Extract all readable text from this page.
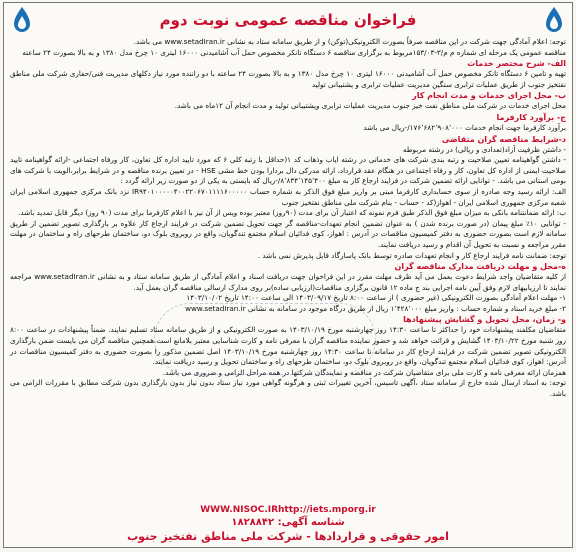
فراخوان مناقصه عمومی نوبت دوم

توجه: اعلام آمادگی جهت شرکت در این مناقصه صرفاً بصورت الکترونیکی(توکن) و از طریق سامانه ستاد به نشانی www.setadIran.ir می باشد.

مناقصه عمومی یک مرحله ای شماره م م/۳-۱۵۳/۰۳مربوط به برگزاری مناقصه ۶ دستگاه تانکر مخصوص حمل آب آشامیدنی ۱۶۰۰۰ لیتری ۱۰ چرخ مدل ۱۳۸۰ و به بالا بصورت ۲۴ ساعته

الف- شرح مختصر خدمات

تهیه و تامین ۶ دستگاه تانکر مخصوص حمل آب آشامیدنی ۱۶۰۰۰ لیتری ۱۰ چرخ مدل ۱۳۸۰ و به بالا بصورت ۲۴ ساعته با دو راننده مورد نیاز دکلهای مدیریت فنی/حفاری شرکت ملی مناطق نفتخیز جنوب از طریق عملیات ترابری ستگین مدیریت عملیات ترابری و پشتیبانی تولید

ب- محل اجرای خدمات و مدت انجام کار

محل اجرای خدمات در شرکت ملی مناطق نفت خیز جنوب مدیریت عملیات ترابری وپشتیبانی تولید و مدت انجام آن ۱۲ماه می باشد.

ج- برآورد کارفرما

برآورد کارفرما جهت انجام خدمات ۱۷۶٬۶۸۲٬۹۰۸٬۰۰۰/-ریال می باشد

د-شرایط مناقصه گران متقاضی

- داشتن ظرفیت آزاد(تعدادی و ریالی) در رشته مربوطه

- داشتن گواهینامه تعیین صلاحیت و رتبه بندی شرکت های خدماتی در رشته ایاب وذهاب کد ۱(حداقل با رتبه کلی ۶ که مورد تایید اداره کل تعاون، کار ورفاه اجتماعی -ارائه گواهینامه تایید صلاحیت ایمنی از اداره کل تعاون، کار و رفاه اجتماعی در هنگام عقد قرارداد، ارائه مدرکی دال بردارا بودن خط مشی HSE - در تعیین برنده مناقصه و در شرایط برابر،الویت با شرکت های بومی استانی می باشد. - توانایی ارائه تضمین شرکت در فرایند ارجاع کار به مبلغ ۸٬۸۳۴٬۱۴۵٬۴۰۰/-ریال که بایستی به یکی از دو صورت زیر ارائه گردد :

الف: ارائه رسید وجه صادره از سوی حسابداری کارفرما مبنی بر واریز مبلغ فوق الذکر به شماره حساب IR۹۴۰۱۰۰۰۰۰۴۰۰۲۲۰۶۷۰۱۱۱۱۶۰۰۰۰۰ نزد بانک مرکزی جمهوری اسلامی ایران شعبه مرکزی جمهوری اسلامی ایران - اهواز(کد - حساب - بنام شرکت ملی مناطق نفتخیز جنوب

ب: ارائه ضمانتنامه بانکی به میزان مبلغ فوق الذکر طبق فرم نمونه که اعتبار آن برای مدت (۹۰روز) معتبر بوده ویس از آن نیز با اعلام کارفرما برای مدت (۹۰ روز) دیگر قابل تمدید باشد.

- توانایی ۱۰٪ مبلغ پیمان (در صورت برنده شدن ) به عنوان تضمین انجام تعهدات-مناقصه گر جهت تحویل تضمین شرکت در فرایند ارجاع کار علاوه بر بارگذاری تصویر تضمین از طریق سامانه لازم است بصورت حضوری به دفتر کمیسیون مناقصات در آدرس : اهواز، کوی فدائیان اسلام مجتمع تندگویان، واقع در روبروی بلوک دو، ساختمان طرحهای راه و ساختمان در مهلت مقرر مراجعه و نسبت به تحویل آن اقدام و رسید دریافت نمایند.

توجه: ضمانت نامه فرایند ارجاع کار و انجام تعهدات صادره توسط بانک پاسارگاد قابل پذیرش نمی باشد .

ه-محل و مهلت دریافت مدارک مناقصه گران

از کلیه متقاضیان واجد شرایط دعوت بعمل می آید ظرف مهلت مقرر در این فراخوان جهت دریافت اسناد و اعلام آمادگی از طریق سامانه ستاد و به نشانی www.setadIran.ir مراجعه نمایند تا ارزیابیهای لازم وفق آیین نامه اجرایی بند ج ماده ۱۲ قانون برگزاری مناقصات(ارزیابی ساده)بر روی مدارک ارسالی مناقصه گران بعمل آید.

۱- مهلت اعلام آمادگی بصورت الکترونیکی (غیر حضوری ) از ساعت ۸:۰۰ تاریخ ۱۴۰۳/۰۹/۱۷ الی ساعت ۱۴:۰۰ تاریخ ۱۴۰۳/۱۰/۰۲

۲- مبلغ خرید اسناد و شماره حساب : واریز مبلغ ۱٬۴۲۸٬۰۰۰ ریال از طریق درگاه موجود در سامانه به نشانی www.setadIran.ir

و- زمان، محل تحویل و گشایش پیشنهادها

متقاضیان مکلفند پیشنهادات خود را حداکثر تا ساعت ۱۴:۳۰ روز چهارشنبه مورخ ۱۴۰۳/۱۰/۱۹ به صورت الکترونیکی و از طریق سامانه ستاد تسلیم نمایند. ضمناً پیشنهادات در ساعت ۸:۰۰ روز شنبه مورخ ۱۴۰۳/۱۰/۲۲ گشایش و قرائت خواهد شد و حضور نماینده مناقصه گران با معرفی نامه و کارت شناسایی معتبر بلامانع است.همچنین مناقصه گران می بایست ضمن بارگذاری الکترونیکی تصویر تضمین شرکت در فرایند ارجاع کار در سامانه تا ساعت ۱۴:۳۰ روز چهارشنبه مورخ ۱۴۰۳/۱۰/۱۹ اصل تضمین مذکور را بصورت حضوری به دفتر کمیسیون مناقصات در آدرس: اهواز، کوی فدائیان اسلام مجتمع تندگویان، واقع در روبروی بلوک دو، ساختمان طرحهای راه و ساختمان تحویل و رسید دریافت نمایند.

همزمان ارائه معرفی نامه و کارت ملی برای متقاضیان شرکت در مناقصه و نمایندگان شرکتها در همه مراحل الزامی و ضروری می باشد.

توجه: به اسناد ارسال شده خارج از سامانه ستاد ،آگهی تاسیس، آخرین تغییرات ثبتی و هرگونه گواهی مورد نیاز ستاد بدون نیاز بدون بارگذاری بدون شرکت مطابق با مقررات الزامی می باشد.

WWW.NISOC.IRhttp://iets.mporg.ir
شناسه آگهی: ۱۸۲۸۸۴۲
امور حقوقی و قراردادها - شرکت ملی مناطق نفتخیز جنوب
